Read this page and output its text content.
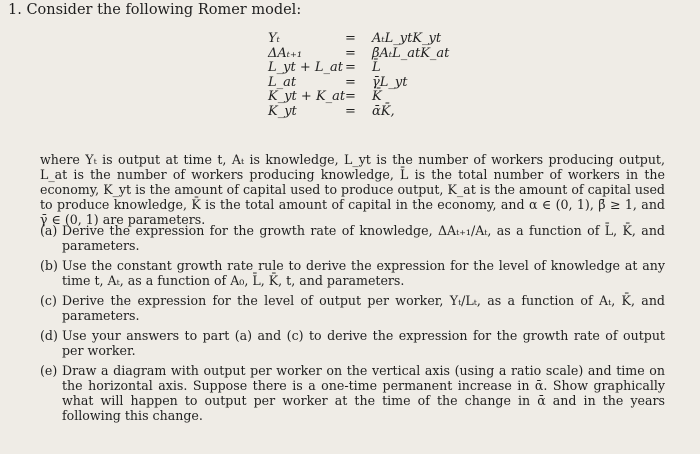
1. Consider the following Romer model:
Yₜ	= AₜL_ytK_yt
ΔAₜ₊₁	= β̄AₜL_atK_at
L_yt + L_at = L̄
L_at	= γ̄L_yt
K_yt + K_at = K̄
K_yt	= ᾱK̄,
where Yₜ is output at time t, Aₜ is knowledge, L_yt is the number of workers producing output, L_at is the number of workers producing knowledge, L̄ is the total number of workers in the economy, K_yt is the amount of capital used to produce output, K_at is the amount of capital used to produce knowledge, K̄ is the total amount of capital in the economy, and α ∈ (0, 1), β̄ ≥ 1, and γ̄ ∈ (0, 1) are parameters.
(a) Derive the expression for the growth rate of knowledge, ΔAₜ₊₁/Aₜ, as a function of L̄, K̄, and parameters.
(b) Use the constant growth rate rule to derive the expression for the level of knowledge at any time t, Aₜ, as a function of A₀, L̄, K̄, t, and parameters.
(c) Derive the expression for the level of output per worker, Yₜ/Lₜ, as a function of Aₜ, K̄, and parameters.
(d) Use your answers to part (a) and (c) to derive the expression for the growth rate of output per worker.
(e) Draw a diagram with output per worker on the vertical axis (using a ratio scale) and time on the horizontal axis. Suppose there is a one-time permanent increase in ᾱ. Show graphically what will happen to output per worker at the time of the change in ᾱ and in the years following this change.
